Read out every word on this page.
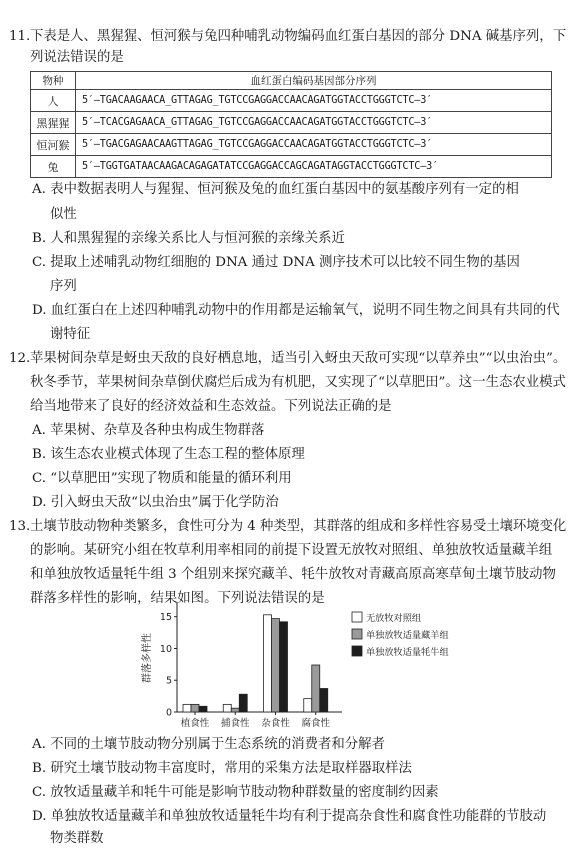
11. 下表是人、黑猩猩、恒河猴与兔四种哺乳动物编码血红蛋白基因的部分 DNA 碱基序列，下
列说法错误的是
物种	血红蛋白编码基因部分序列
人	5′—TGACAAGAACA_GTTAGAG_TGTCCGAGGACCAACAGATGGTACCTGGGTCTC—3′
黑猩猩	5′—TCACGAGAACA_GTTAGAG_TGTCCGAGGACCAACAGATGGTACCTGGGTCTC—3′
恒河猴	5′—TGACGAGAACAAGTTAGAG_TGTCCGAGGACCAACAGATGGTACCTGGGTCTC—3′
兔	5′—TGGTGATAACAAGACAGAGATATCCGAGGACCAGCAGATAGGTACCTGGGTCTC—3′
A. 表中数据表明人与猩猩、恒河猴及兔的血红蛋白基因中的氨基酸序列有一定的相
似性
B. 人和黑猩猩的亲缘关系比人与恒河猴的亲缘关系近
C. 提取上述哺乳动物红细胞的 DNA 通过 DNA 测序技术可以比较不同生物的基因
序列
D. 血红蛋白在上述四种哺乳动物中的作用都是运输氧气，说明不同生物之间具有共同的代
谢特征
12. 苹果树间杂草是蚜虫天敌的良好栖息地，适当引入蚜虫天敌可实现“以草养虫”“以虫治虫”。
秋冬季节，苹果树间杂草倒伏腐烂后成为有机肥，又实现了“以草肥田”。这一生态农业模式
给当地带来了良好的经济效益和生态效益。下列说法正确的是
A. 苹果树、杂草及各种虫构成生物群落
B. 该生态农业模式体现了生态工程的整体原理
C. “以草肥田”实现了物质和能量的循环利用
D. 引入蚜虫天敌“以虫治虫”属于化学防治
13. 土壤节肢动物种类繁多，食性可分为 4 种类型，其群落的组成和多样性容易受土壤环境变化
的影响。某研究小组在牧草利用率相同的前提下设置无放牧对照组、单独放牧适量藏羊组
和单独放牧适量牦牛组 3 个组别来探究藏羊、牦牛放牧对青藏高原高寒草甸土壤节肢动物
群落多样性的影响，结果如图。下列说法错误的是
群落多样性
0
5
10
15
植食性 捕食性 杂食性 腐食性
无放牧对照组
单独放牧适量藏羊组
单独放牧适量牦牛组
A. 不同的土壤节肢动物分别属于生态系统的消费者和分解者
B. 研究土壤节肢动物丰富度时，常用的采集方法是取样器取样法
C. 放牧适量藏羊和牦牛可能是影响节肢动物种群数量的密度制约因素
D. 单独放牧适量藏羊和单独放牧适量牦牛均有利于提高杂食性和腐食性功能群的节肢动
物类群数
